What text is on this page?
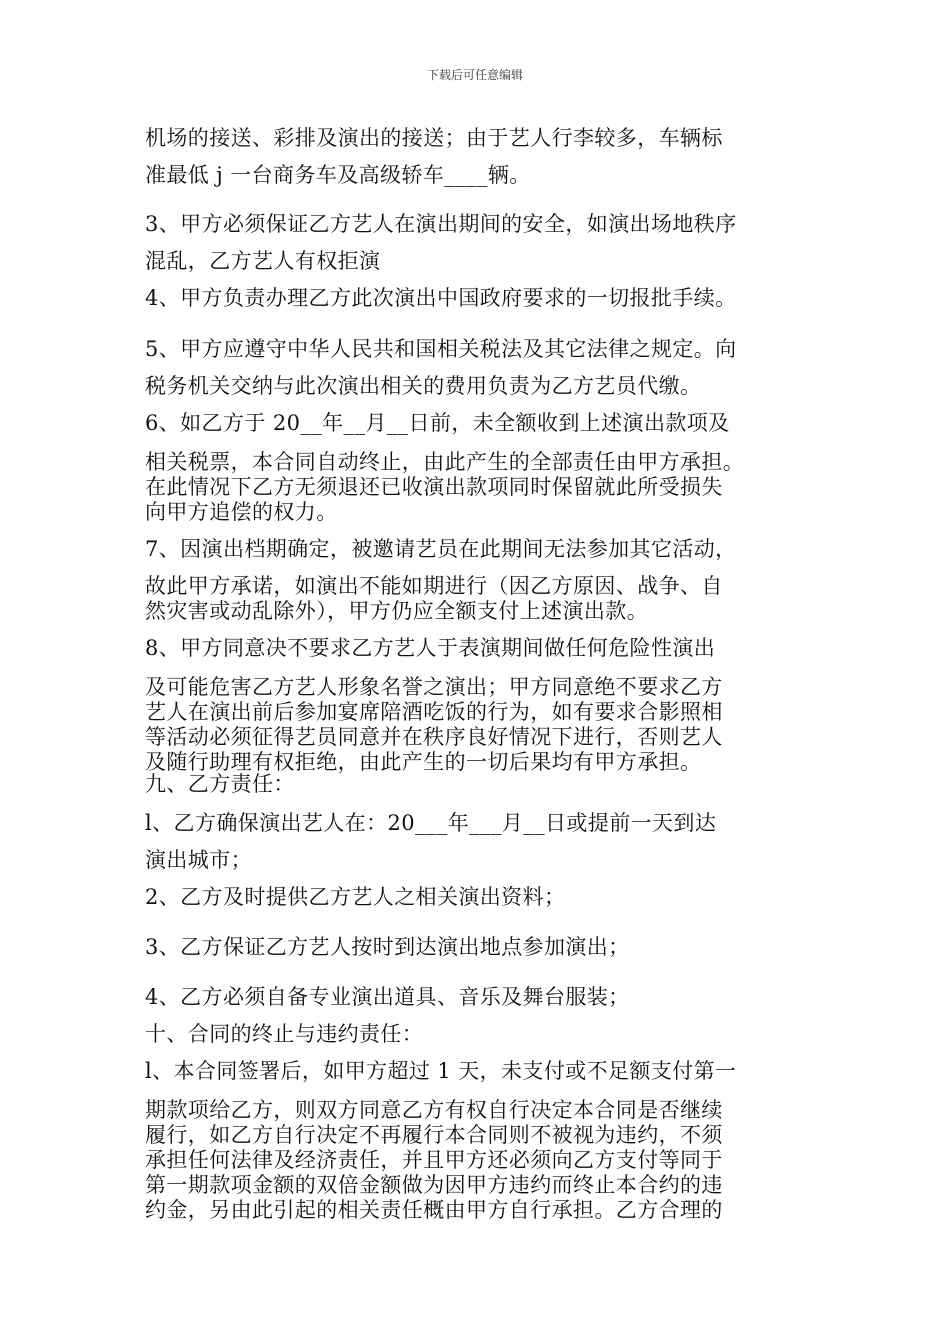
下载后可任意编辑
机场的接送、彩排及演出的接送；由于艺人行李较多，车辆标
准最低 j 一台商务车及高级轿车____辆。
3、甲方必须保证乙方艺人在演出期间的安全，如演出场地秩序
混乱，乙方艺人有权拒演
4、甲方负责办理乙方此次演出中国政府要求的一切报批手续。
5、甲方应遵守中华人民共和国相关税法及其它法律之规定。向
税务机关交纳与此次演出相关的费用负责为乙方艺员代缴。
6、如乙方于 20__年__月__日前，未全额收到上述演出款项及
相关税票，本合同自动终止，由此产生的全部责任由甲方承担。
在此情况下乙方无须退还已收演出款项同时保留就此所受损失
向甲方追偿的权力。
7、因演出档期确定，被邀请艺员在此期间无法参加其它活动，
故此甲方承诺，如演出不能如期进行（因乙方原因、战争、自
然灾害或动乱除外），甲方仍应全额支付上述演出款。
8、甲方同意决不要求乙方艺人于表演期间做任何危险性演出
及可能危害乙方艺人形象名誉之演出；甲方同意绝不要求乙方
艺人在演出前后参加宴席陪酒吃饭的行为，如有要求合影照相
等活动必须征得艺员同意并在秩序良好情况下进行，否则艺人
及随行助理有权拒绝，由此产生的一切后果均有甲方承担。
九、乙方责任：
l、乙方确保演出艺人在：20___年___月__日或提前一天到达
演出城市；
2、乙方及时提供乙方艺人之相关演出资料；
3、乙方保证乙方艺人按时到达演出地点参加演出；
4、乙方必须自备专业演出道具、音乐及舞台服装；
十、合同的终止与违约责任：
l、本合同签署后，如甲方超过 1 天，未支付或不足额支付第一
期款项给乙方，则双方同意乙方有权自行决定本合同是否继续
履行，如乙方自行决定不再履行本合同则不被视为违约，不须
承担任何法律及经济责任，并且甲方还必须向乙方支付等同于
第一期款项金额的双倍金额做为因甲方违约而终止本合约的违
约金，另由此引起的相关责任概由甲方自行承担。乙方合理的
